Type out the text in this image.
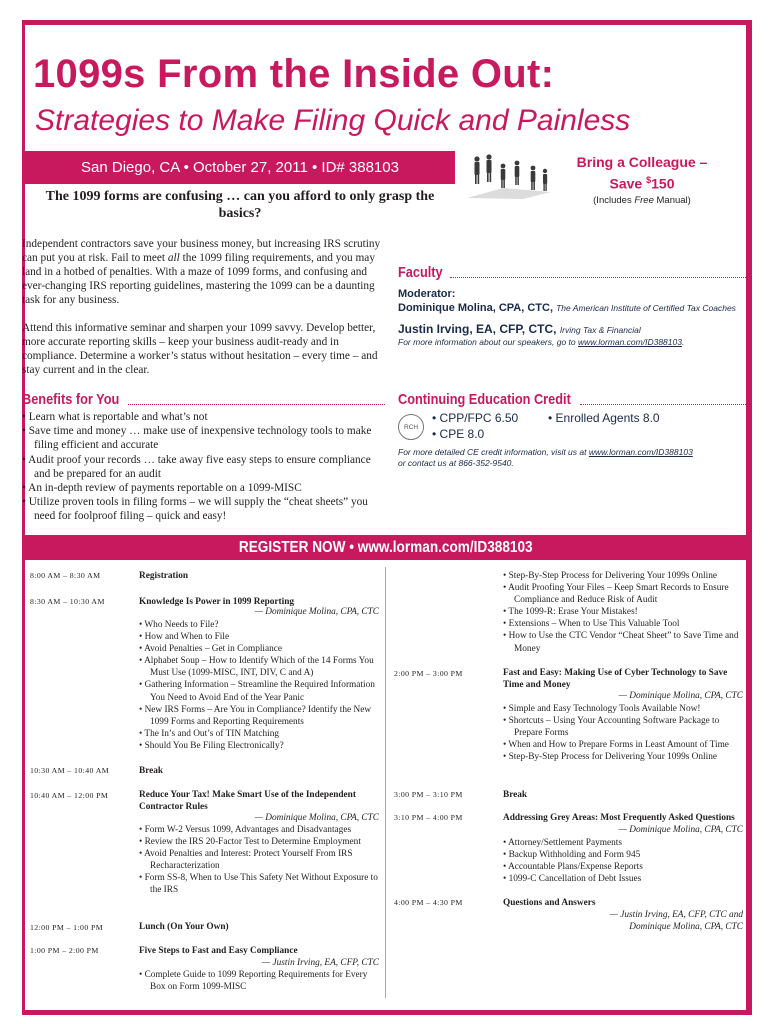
1099s From the Inside Out:
Strategies to Make Filing Quick and Painless
San Diego, CA • October 27, 2011 • ID# 388103	Bring a Colleague –
Save $150
(Includes Free Manual)
The 1099 forms are confusing … can you afford to only grasp the basics?
Independent contractors save your business money, but increasing IRS scrutiny can put you at risk. Fail to meet all the 1099 filing requirements, and you may land in a hotbed of penalties. With a maze of 1099 forms, and confusing and ever-changing IRS reporting guidelines, mastering the 1099 can be a daunting task for any business.
Attend this informative seminar and sharpen your 1099 savvy. Develop better, more accurate reporting skills – keep your business audit-ready and in compliance. Determine a worker’s status without hesitation – every time – and stay current and in the clear.
Benefits for You
• Learn what is reportable and what’s not
• Save time and money … make use of inexpensive technology tools to make filing efficient and accurate
• Audit proof your records … take away five easy steps to ensure compliance and be prepared for an audit
• An in-depth review of payments reportable on a 1099-MISC
• Utilize proven tools in filing forms – we will supply the “cheat sheets” you need for foolproof filing – quick and easy!
Faculty
Moderator:
Dominique Molina, CPA, CTC, The American Institute of Certified Tax Coaches
Justin Irving, EA, CFP, CTC, Irving Tax & Financial
For more information about our speakers, go to www.lorman.com/ID388103.
Continuing Education Credit
RCH
• CPP/FPC 6.50 • Enrolled Agents 8.0
• CPE 8.0
For more detailed CE credit information, visit us at www.lorman.com/ID388103
or contact us at 866-352-9540.
REGISTER NOW • www.lorman.com/ID388103
8:00 AM – 8:30 AM	Registration
8:30 AM – 10:30 AM	Knowledge Is Power in 1099 Reporting
— Dominique Molina, CPA, CTC
• Who Needs to File?
• How and When to File
• Avoid Penalties – Get in Compliance
• Alphabet Soup – How to Identify Which of the 14 Forms You Must Use (1099-MISC, INT, DIV, C and A)
• Gathering Information – Streamline the Required Information You Need to Avoid End of the Year Panic
• New IRS Forms – Are You in Compliance? Identify the New 1099 Forms and Reporting Requirements
• The In’s and Out’s of TIN Matching
• Should You Be Filing Electronically?
10:30 AM – 10:40 AM	Break
10:40 AM – 12:00 PM	Reduce Your Tax! Make Smart Use of the Independent Contractor Rules
— Dominique Molina, CPA, CTC
• Form W-2 Versus 1099, Advantages and Disadvantages
• Review the IRS 20-Factor Test to Determine Employment
• Avoid Penalties and Interest: Protect Yourself From IRS Recharacterization
• Form SS-8, When to Use This Safety Net Without Exposure to the IRS
12:00 PM – 1:00 PM	Lunch (On Your Own)
1:00 PM – 2:00 PM	Five Steps to Fast and Easy Compliance
— Justin Irving, EA, CFP, CTC
• Complete Guide to 1099 Reporting Requirements for Every Box on Form 1099-MISC
• Step-By-Step Process for Delivering Your 1099s Online
• Audit Proofing Your Files – Keep Smart Records to Ensure Compliance and Reduce Risk of Audit
• The 1099-R: Erase Your Mistakes!
• Extensions – When to Use This Valuable Tool
• How to Use the CTC Vendor “Cheat Sheet” to Save Time and Money
2:00 PM – 3:00 PM	Fast and Easy: Making Use of Cyber Technology to Save Time and Money
— Dominique Molina, CPA, CTC
• Simple and Easy Technology Tools Available Now!
• Shortcuts – Using Your Accounting Software Package to Prepare Forms
• When and How to Prepare Forms in Least Amount of Time
• Step-By-Step Process for Delivering Your 1099s Online
3:00 PM – 3:10 PM	Break
3:10 PM – 4:00 PM	Addressing Grey Areas: Most Frequently Asked Questions
— Dominique Molina, CPA, CTC
• Attorney/Settlement Payments
• Backup Withholding and Form 945
• Accountable Plans/Expense Reports
• 1099-C Cancellation of Debt Issues
4:00 PM – 4:30 PM	Questions and Answers
— Justin Irving, EA, CFP, CTC and
Dominique Molina, CPA, CTC
